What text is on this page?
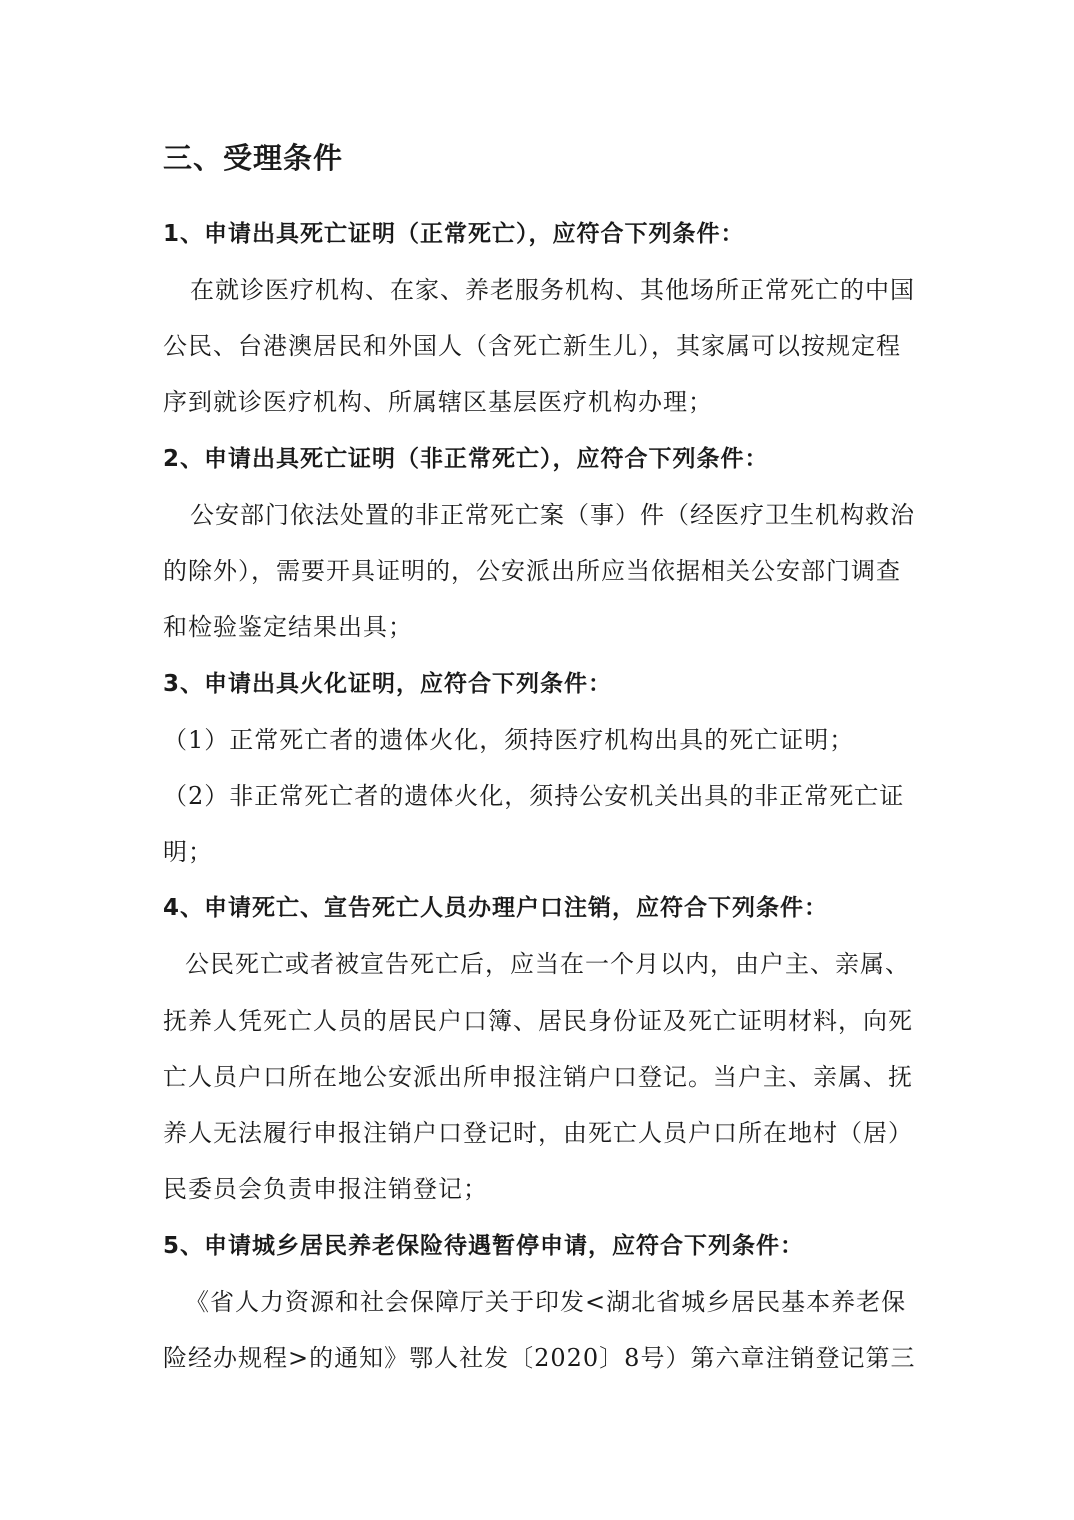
三、受理条件
1、申请出具死亡证明（正常死亡），应符合下列条件：
在就诊医疗机构、在家、养老服务机构、其他场所正常死亡的中国
公民、台港澳居民和外国人（含死亡新生儿），其家属可以按规定程
序到就诊医疗机构、所属辖区基层医疗机构办理；
2、申请出具死亡证明（非正常死亡），应符合下列条件：
公安部门依法处置的非正常死亡案（事）件（经医疗卫生机构救治
的除外），需要开具证明的，公安派出所应当依据相关公安部门调查
和检验鉴定结果出具；
3、申请出具火化证明，应符合下列条件：
（1）正常死亡者的遗体火化，须持医疗机构出具的死亡证明；
（2）非正常死亡者的遗体火化，须持公安机关出具的非正常死亡证
明；
4、申请死亡、宣告死亡人员办理户口注销，应符合下列条件：
公民死亡或者被宣告死亡后，应当在一个月以内，由户主、亲属、
抚养人凭死亡人员的居民户口簿、居民身份证及死亡证明材料，向死
亡人员户口所在地公安派出所申报注销户口登记。当户主、亲属、抚
养人无法履行申报注销户口登记时，由死亡人员户口所在地村（居）
民委员会负责申报注销登记；
5、申请城乡居民养老保险待遇暂停申请，应符合下列条件：
《省人力资源和社会保障厅关于印发<湖北省城乡居民基本养老保
险经办规程>的通知》鄂人社发〔2020〕8号）第六章注销登记第三
